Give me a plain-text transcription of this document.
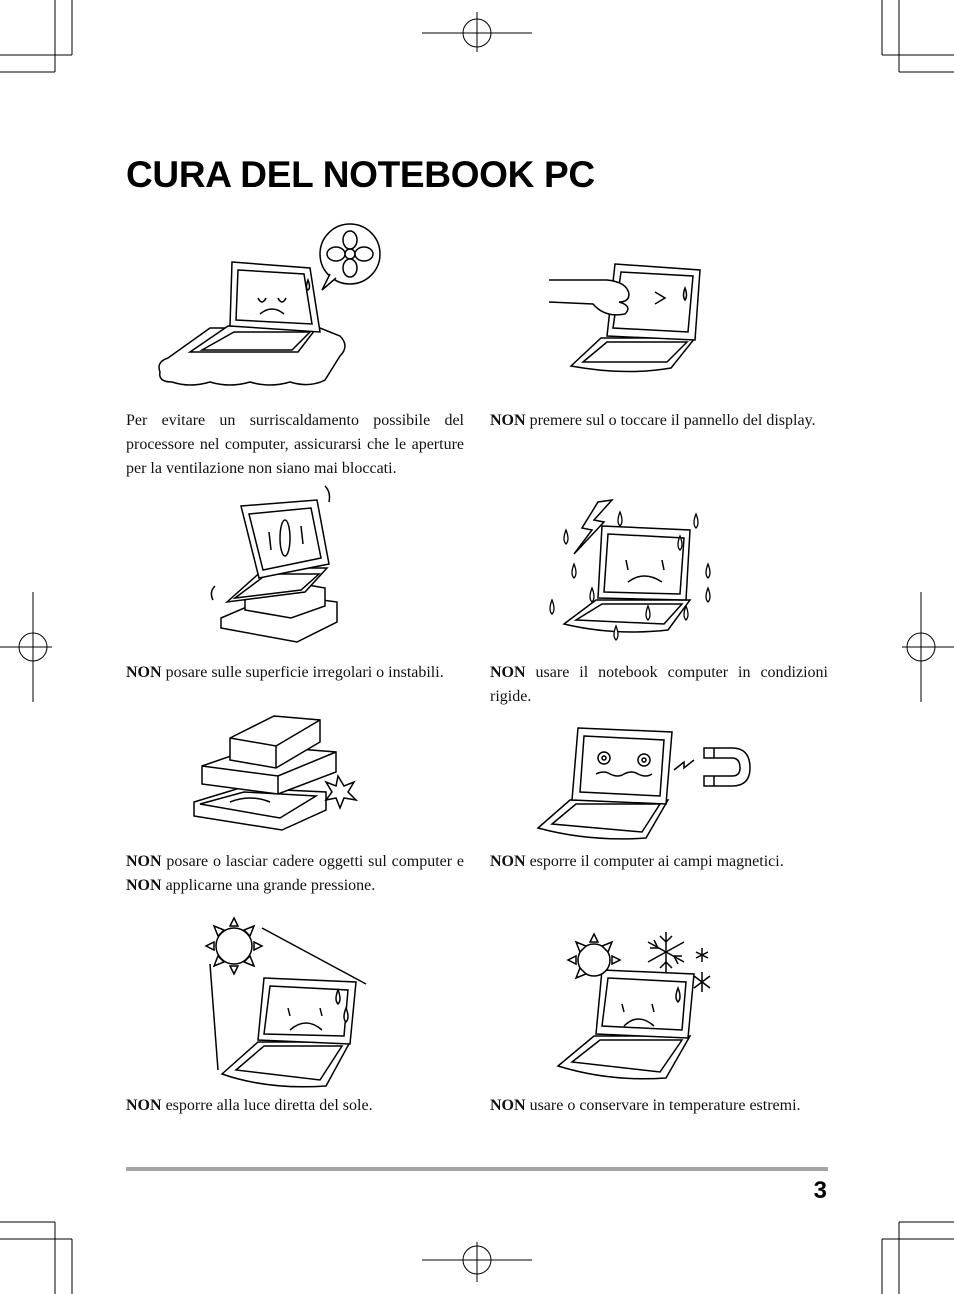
CURA DEL NOTEBOOK PC

Per evitare un surriscaldamento possibile del processore nel computer, assicurarsi che le aperture per la ventilazione non siano mai bloccati.

NON premere sul o toccare il pannello del display.

NON posare sulle superficie irregolari o instabili.	NON usare il notebook computer in condizioni rigide.

NON posare o lasciar cadere oggetti sul computer e NON applicarne una grande pressione.

NON esporre il computer ai campi magnetici.

NON esporre alla luce diretta del sole.	NON usare o conservare in temperature estremi.

3
